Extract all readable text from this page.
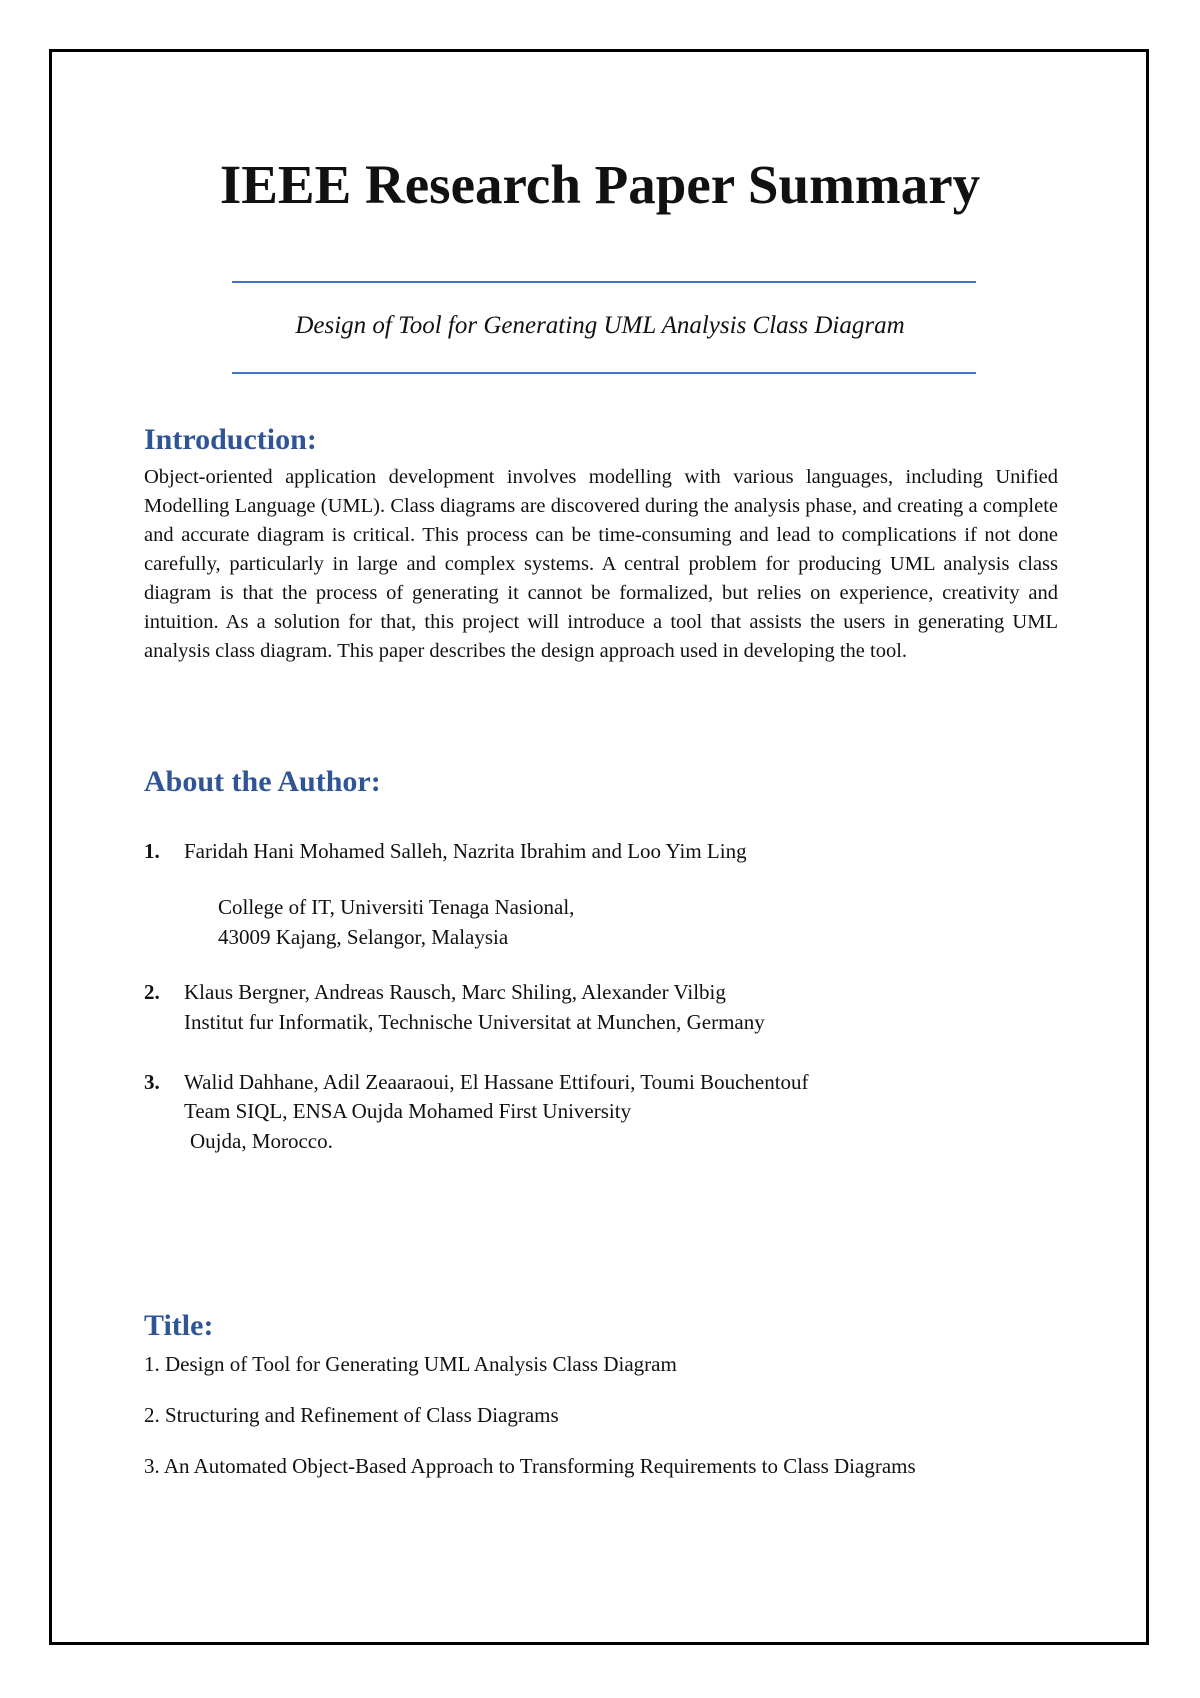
IEEE Research Paper Summary
Design of Tool for Generating UML Analysis Class Diagram
Introduction:
Object-oriented application development involves modelling with various languages, including Unified Modelling Language (UML). Class diagrams are discovered during the analysis phase, and creating a complete and accurate diagram is critical. This process can be time-consuming and lead to complications if not done carefully, particularly in large and complex systems. A central problem for producing UML analysis class diagram is that the process of generating it cannot be formalized, but relies on experience, creativity and intuition. As a solution for that, this project will introduce a tool that assists the users in generating UML analysis class diagram. This paper describes the design approach used in developing the tool.
About the Author:
1. Faridah Hani Mohamed Salleh, Nazrita Ibrahim and Loo Yim Ling
College of IT, Universiti Tenaga Nasional,
43009 Kajang, Selangor, Malaysia
2. Klaus Bergner, Andreas Rausch, Marc Shiling, Alexander Vilbig
Institut fur Informatik, Technische Universitat at Munchen, Germany
3. Walid Dahhane, Adil Zeaaraoui, El Hassane Ettifouri, Toumi Bouchentouf
Team SIQL, ENSA Oujda Mohamed First University
Oujda, Morocco.
Title:
1. Design of Tool for Generating UML Analysis Class Diagram
2. Structuring and Refinement of Class Diagrams
3. An Automated Object-Based Approach to Transforming Requirements to Class Diagrams
